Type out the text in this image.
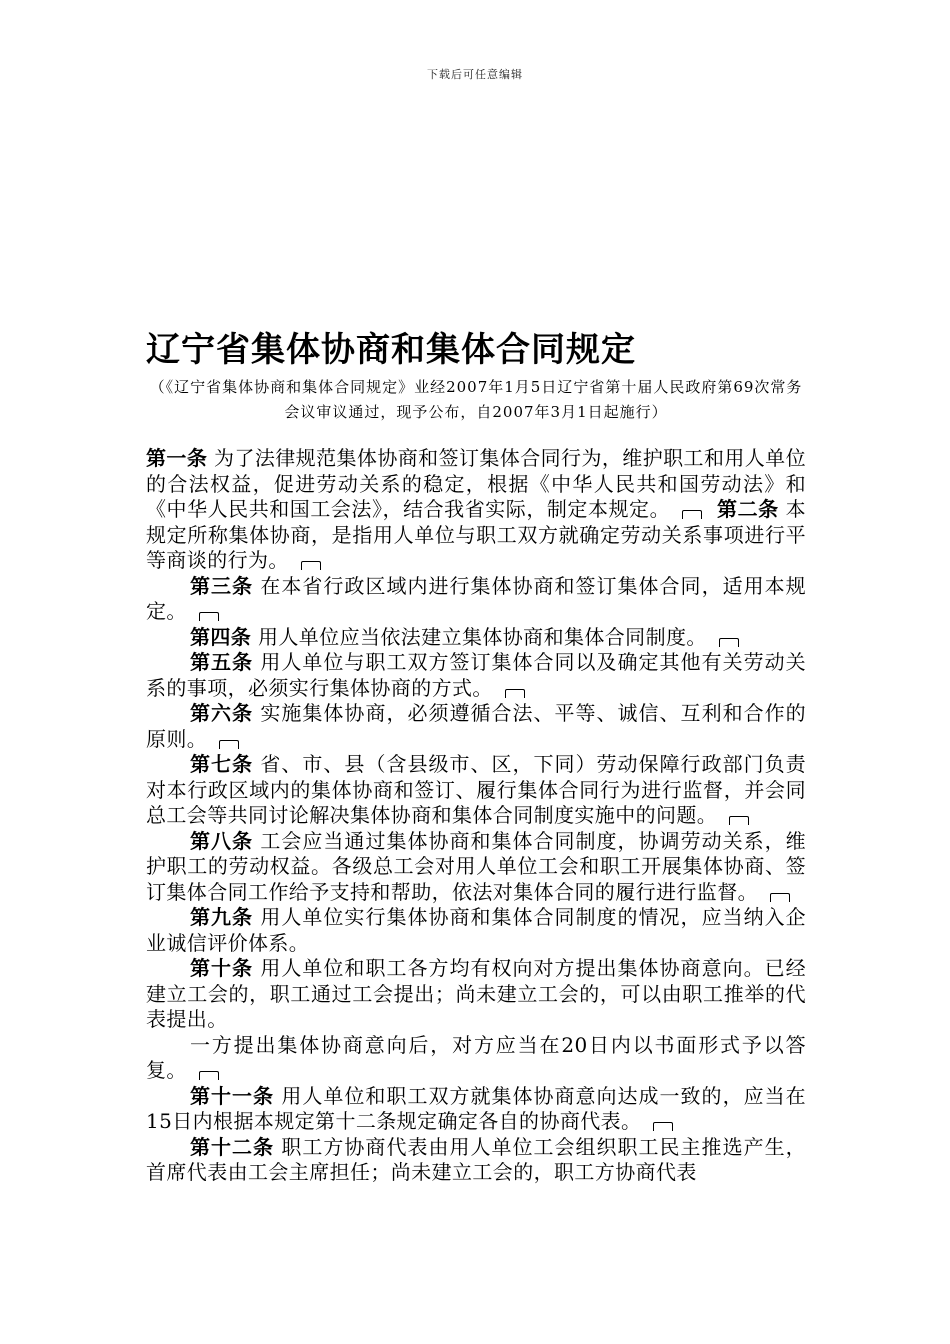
下载后可任意编辑
辽宁省集体协商和集体合同规定
（《辽宁省集体协商和集体合同规定》业经2007年1月5日辽宁省第十届人民政府第69次常务会议审议通过，现予公布，自2007年3月1日起施行）

第一条 为了法律规范集体协商和签订集体合同行为，维护职工和用人单位的合法权益，促进劳动关系的稳定，根据《中华人民共和国劳动法》和《中华人民共和国工会法》，结合我省实际，制定本规定。 第二条 本规定所称集体协商，是指用人单位与职工双方就确定劳动关系事项进行平等商谈的行为。

第三条 在本省行政区域内进行集体协商和签订集体合同，适用本规定。

第四条 用人单位应当依法建立集体协商和集体合同制度。

第五条 用人单位与职工双方签订集体合同以及确定其他有关劳动关系的事项，必须实行集体协商的方式。

第六条 实施集体协商，必须遵循合法、平等、诚信、互利和合作的原则。

第七条 省、市、县（含县级市、区，下同）劳动保障行政部门负责对本行政区域内的集体协商和签订、履行集体合同行为进行监督，并会同总工会等共同讨论解决集体协商和集体合同制度实施中的问题。

第八条 工会应当通过集体协商和集体合同制度，协调劳动关系，维护职工的劳动权益。各级总工会对用人单位工会和职工开展集体协商、签订集体合同工作给予支持和帮助，依法对集体合同的履行进行监督。

第九条 用人单位实行集体协商和集体合同制度的情况，应当纳入企业诚信评价体系。

第十条 用人单位和职工各方均有权向对方提出集体协商意向。已经建立工会的，职工通过工会提出；尚未建立工会的，可以由职工推举的代表提出。

一方提出集体协商意向后，对方应当在20日内以书面形式予以答复。

第十一条 用人单位和职工双方就集体协商意向达成一致的，应当在15日内根据本规定第十二条规定确定各自的协商代表。

第十二条 职工方协商代表由用人单位工会组织职工民主推选产生，首席代表由工会主席担任；尚未建立工会的，职工方协商代表
